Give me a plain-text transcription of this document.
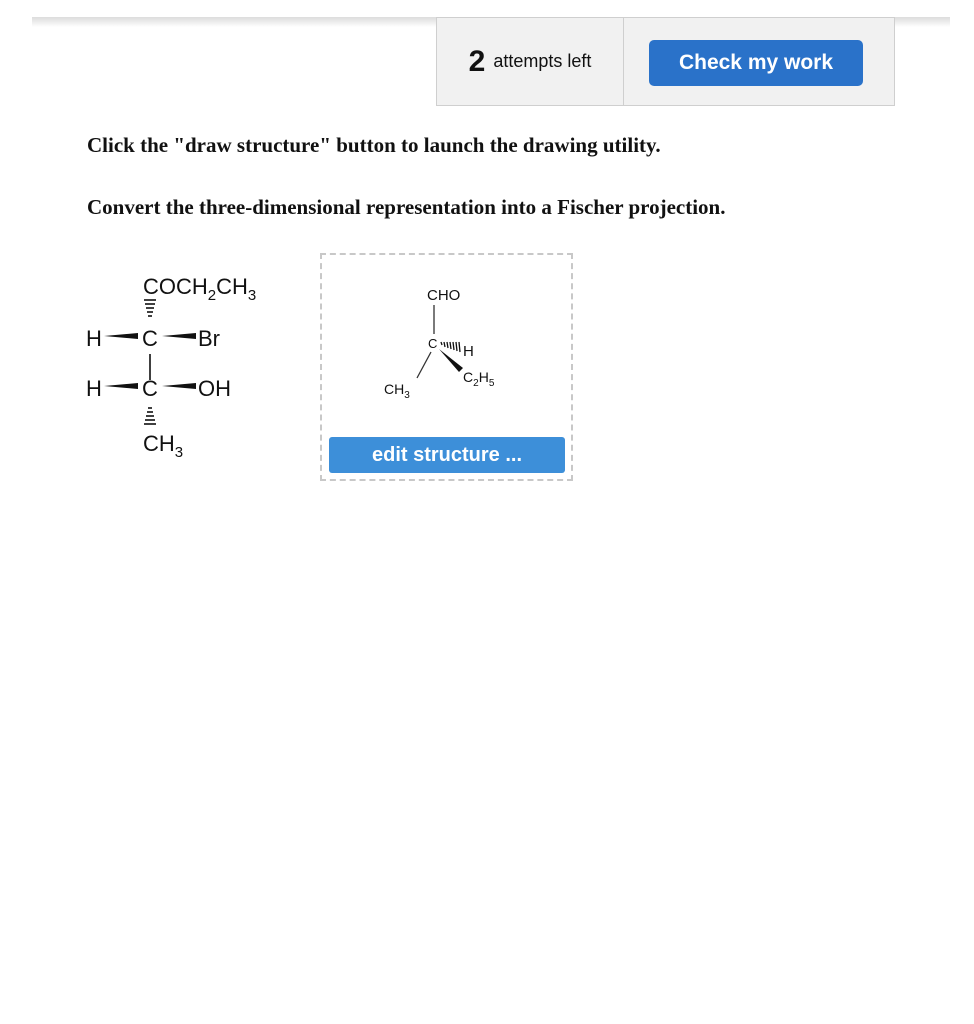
2 attempts left	Check my work
Click the "draw structure" button to launch the drawing utility.
Convert the three-dimensional representation into a Fischer projection.
$COCH_2CH_3$
H C Br
H C OH
$CH_3$
CHO
C H
$C_2H_5$
$CH_3$
edit structure ...
